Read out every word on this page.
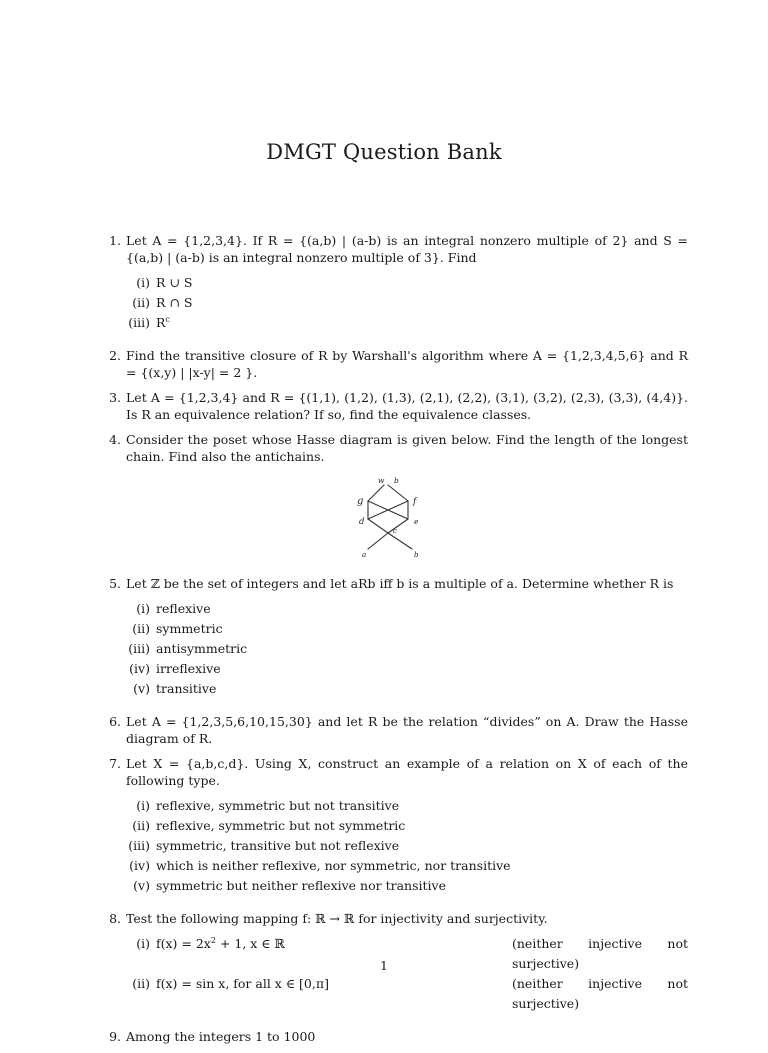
DMGT Question Bank
1. Let A = {1,2,3,4}. If R = {(a,b) | (a-b) is an integral nonzero multiple of 2} and S = {(a,b) | (a-b) is an integral nonzero multiple of 3}. Find
(i) R ∪ S
(ii) R ∩ S
(iii) $R^c$
2. Find the transitive closure of R by Warshall's algorithm where A = {1,2,3,4,5,6} and R = {(x,y) | |x-y| = 2 }.
3. Let A = {1,2,3,4} and R = {(1,1), (1,2), (1,3), (2,1), (2,2), (3,1), (3,2), (2,3), (3,3), (4,4)}. Is R an equivalence relation? If so, find the equivalence classes.
4. Consider the poset whose Hasse diagram is given below. Find the length of the longest chain. Find also the antichains.
w b
g	f
d	e
c
a	b
5. Let ℤ be the set of integers and let aRb iff b is a multiple of a. Determine whether R is
(i) reflexive
(ii) symmetric
(iii) antisymmetric
(iv) irreflexive
(v) transitive
6. Let A = {1,2,3,5,6,10,15,30} and let R be the relation “divides” on A. Draw the Hasse diagram of R.
7. Let X = {a,b,c,d}. Using X, construct an example of a relation on X of each of the following type.
(i) reflexive, symmetric but not transitive
(ii) reflexive, symmetric but not symmetric
(iii) symmetric, transitive but not reflexive
(iv) which is neither reflexive, nor symmetric, nor transitive
(v) symmetric but neither reflexive nor transitive
8. Test the following mapping f: ℝ → ℝ for injectivity and surjectivity.
(i) $f(x) = 2x^2 + 1$, x ∈ ℝ	(neither injective not surjective)
(ii) f(x) = sin x, for all x ∈ [0,π]	(neither injective not surjective)
9. Among the integers 1 to 1000
1
